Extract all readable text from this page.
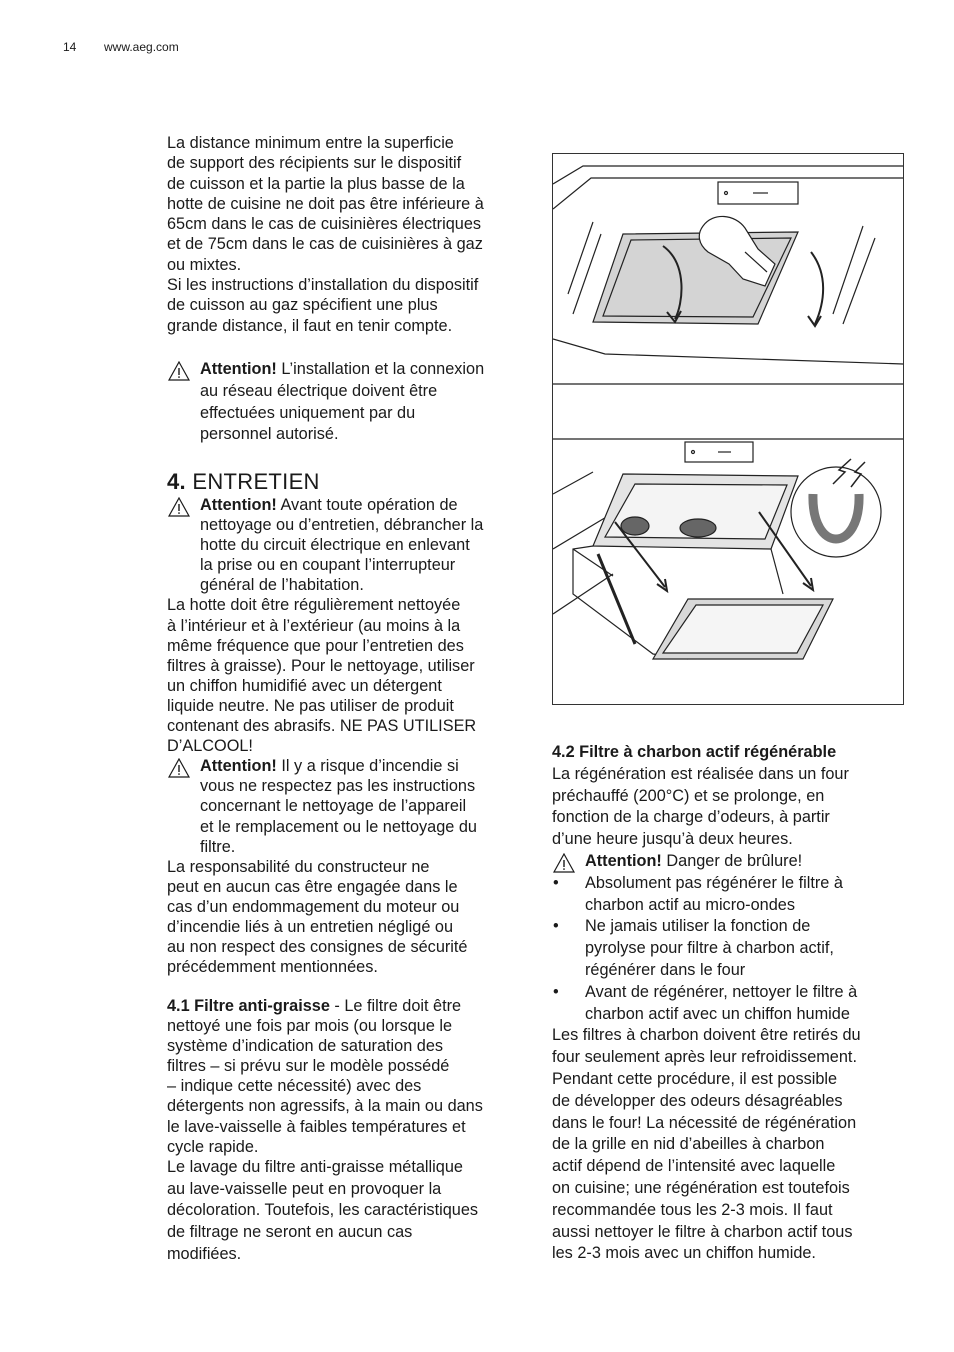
14 www.aeg.com

La distance minimum entre la superficie

de support des récipients sur le dispositif

de cuisson et la partie la plus basse de la

hotte de cuisine ne doit pas être inférieure à

65cm dans le cas de cuisinières électriques

et de 75cm dans le cas de cuisinières à gaz

ou mixtes.

Si les instructions d’installation du dispositif

de cuisson au gaz spécifient une plus

grande distance, il faut en tenir compte.

Attention! L’installation et la connexion

au réseau électrique doivent être

effectuées uniquement par du

personnel autorisé.

4. ENTRETIEN

Attention! Avant toute opération de

nettoyage ou d’entretien, débrancher la

hotte du circuit électrique en enlevant

la prise ou en coupant l’interrupteur

général de l’habitation.

La hotte doit être régulièrement nettoyée

à l’intérieur et à l’extérieur (au moins à la

même fréquence que pour l’entretien des

filtres à graisse). Pour le nettoyage, utiliser

un chiffon humidifié avec un détergent

liquide neutre. Ne pas utiliser de produit

contenant des abrasifs. NE PAS UTILISER

D’ALCOOL!

Attention! Il y a risque d’incendie si

vous ne respectez pas les instructions

concernant le nettoyage de l’appareil

et le remplacement ou le nettoyage du

filtre.

La responsabilité du constructeur ne

peut en aucun cas être engagée dans le

cas d’un endommagement du moteur ou

d’incendie liés à un entretien négligé ou

au non respect des consignes de sécurité

précédemment mentionnées.

4.1 Filtre anti-graisse - Le filtre doit être

nettoyé une fois par mois (ou lorsque le

système d’indication de saturation des

filtres – si prévu sur le modèle possédé

– indique cette nécessité) avec des

détergents non agressifs, à la main ou dans

le lave-vaisselle à faibles températures et

cycle rapide.

Le lavage du filtre anti-graisse métallique

au lave-vaisselle peut en provoquer la

décoloration. Toutefois, les caractéristiques

de filtrage ne seront en aucun cas

modifiées.

4.2 Filtre à charbon actif régénérable

La régénération est réalisée dans un four

préchauffé (200°C) et se prolonge, en

fonction de la charge d’odeurs, à partir

d’une heure jusqu’à deux heures.

Attention! Danger de brûlure!

• Absolument pas régénérer le filtre à
charbon actif au micro-ondes
• Ne jamais utiliser la fonction de
pyrolyse pour filtre à charbon actif,
régénérer dans le four
• Avant de régénérer, nettoyer le filtre à
charbon actif avec un chiffon humide

Les filtres à charbon doivent être retirés du

four seulement après leur refroidissement.

Pendant cette procédure, il est possible

de développer des odeurs désagréables

dans le four! La nécessité de régénération

de la grille en nid d’abeilles à charbon

actif dépend de l’intensité avec laquelle

on cuisine; une régénération est toutefois

recommandée tous les 2-3 mois. Il faut

aussi nettoyer le filtre à charbon actif tous

les 2-3 mois avec un chiffon humide.
